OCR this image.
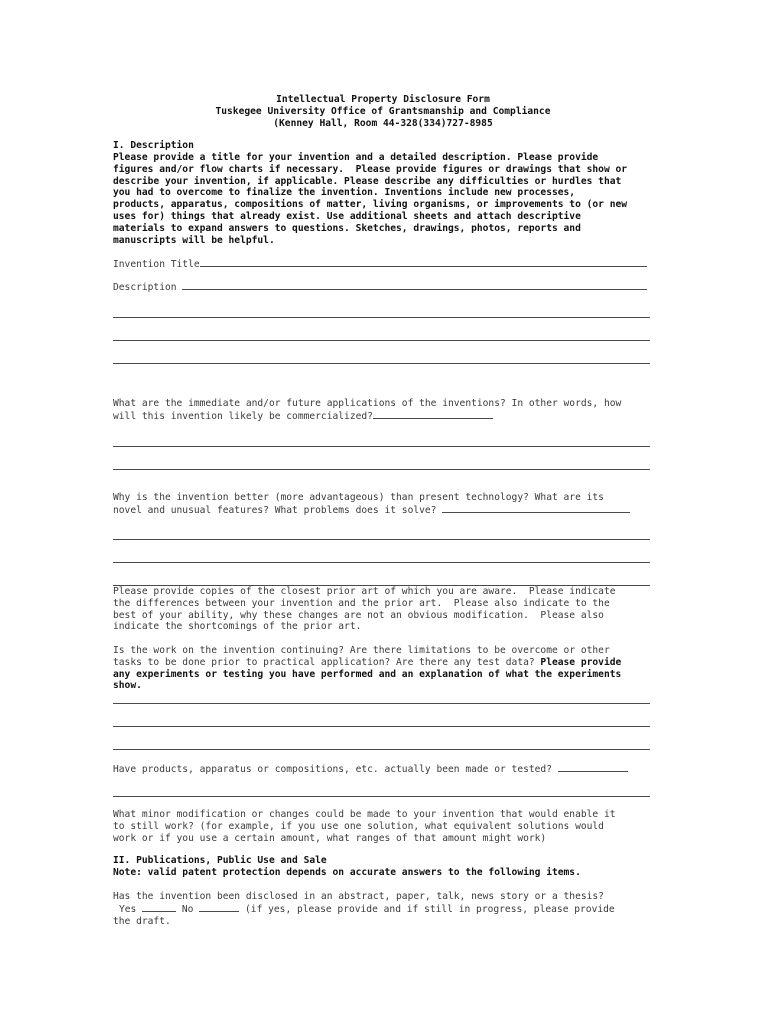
Intellectual Property Disclosure Form
Tuskegee University Office of Grantsmanship and Compliance
(Kenney Hall, Room 44-328(334)727-8985
I. Description
Please provide a title for your invention and a detailed description. Please provide
figures and/or flow charts if necessary.  Please provide figures or drawings that show or
describe your invention, if applicable. Please describe any difficulties or hurdles that
you had to overcome to finalize the invention. Inventions include new processes,
products, apparatus, compositions of matter, living organisms, or improvements to (or new
uses for) things that already exist. Use additional sheets and attach descriptive
materials to expand answers to questions. Sketches, drawings, photos, reports and
manuscripts will be helpful.
Invention Title
Description
What are the immediate and/or future applications of the inventions? In other words, how
will this invention likely be commercialized?
Why is the invention better (more advantageous) than present technology? What are its
novel and unusual features? What problems does it solve?
Please provide copies of the closest prior art of which you are aware.  Please indicate
the differences between your invention and the prior art.  Please also indicate to the
best of your ability, why these changes are not an obvious modification.  Please also
indicate the shortcomings of the prior art.
Is the work on the invention continuing? Are there limitations to be overcome or other
tasks to be done prior to practical application? Are there any test data? Please provide
any experiments or testing you have performed and an explanation of what the experiments
show.
Have products, apparatus or compositions, etc. actually been made or tested?
What minor modification or changes could be made to your invention that would enable it
to still work? (for example, if you use one solution, what equivalent solutions would
work or if you use a certain amount, what ranges of that amount might work)
II. Publications, Public Use and Sale
Note: valid patent protection depends on accurate answers to the following items.
Has the invention been disclosed in an abstract, paper, talk, news story or a thesis?
Yes	No	(if yes, please provide and if still in progress, please provide
the draft.
